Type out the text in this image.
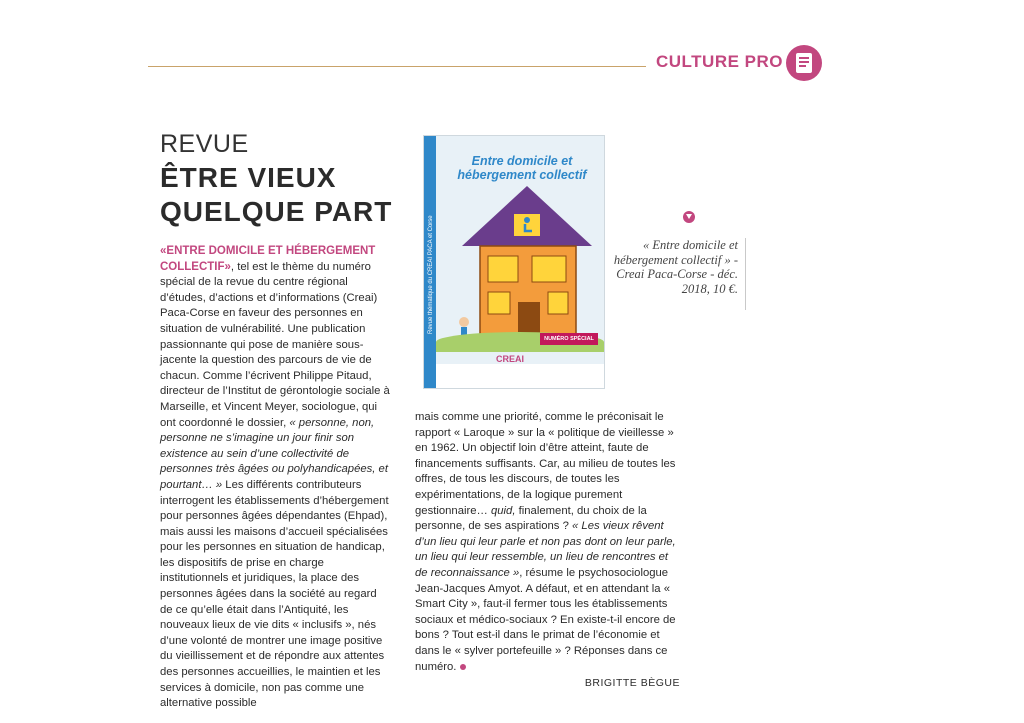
CULTURE PRO
REVUE
ÊTRE VIEUX
QUELQUE PART
«ENTRE DOMICILE ET HÉBERGEMENT COLLECTIF», tel est le thème du numéro spécial de la revue du centre régional d’études, d’actions et d’informations (Creai) Paca-Corse en faveur des personnes en situation de vulnérabilité. Une publication passionnante qui pose de manière sous-jacente la question des parcours de vie de chacun. Comme l’écrivent Philippe Pitaud, directeur de l’Institut de gérontologie sociale à Marseille, et Vincent Meyer, sociologue, qui ont coordonné le dossier, « personne, non, personne ne s’imagine un jour finir son existence au sein d’une collectivité de personnes très âgées ou polyhandicapées, et pourtant… » Les différents contributeurs interrogent les établissements d’hébergement pour personnes âgées dépendantes (Ehpad), mais aussi les maisons d’accueil spécialisées pour les personnes en situation de handicap, les dispositifs de prise en charge institutionnels et juridiques, la place des personnes âgées dans la société au regard de ce qu’elle était dans l’Antiquité, les nouveaux lieux de vie dits « inclusifs », nés d’une volonté de montrer une image positive du vieillissement et de répondre aux attentes des personnes accueillies, le maintien et les services à domicile, non pas comme une alternative possible
Revue thématique du CREAI PACA et Corse
Entre domicile et hébergement collectif
NUMÉRO SPÉCIAL
CREAI
« Entre domicile et hébergement collectif » - Creai Paca-Corse - déc. 2018, 10 €.
mais comme une priorité, comme le préconisait le rapport « Laroque » sur la « politique de vieillesse » en 1962. Un objectif loin d’être atteint, faute de financements suffisants. Car, au milieu de toutes les offres, de tous les discours, de toutes les expérimentations, de la logique purement gestionnaire… quid, finalement, du choix de la personne, de ses aspirations ? « Les vieux rêvent d’un lieu qui leur parle et non pas dont on leur parle, un lieu qui leur ressemble, un lieu de rencontres et de reconnaissance », résume le psychosociologue Jean-Jacques Amyot. A défaut, et en attendant la « Smart City », faut-il fermer tous les établissements sociaux et médico-sociaux ? En existe-t-il encore de bons ? Tout est-il dans le primat de l’économie et dans le « sylver portefeuille » ? Réponses dans ce numéro.
BRIGITTE BÈGUE
